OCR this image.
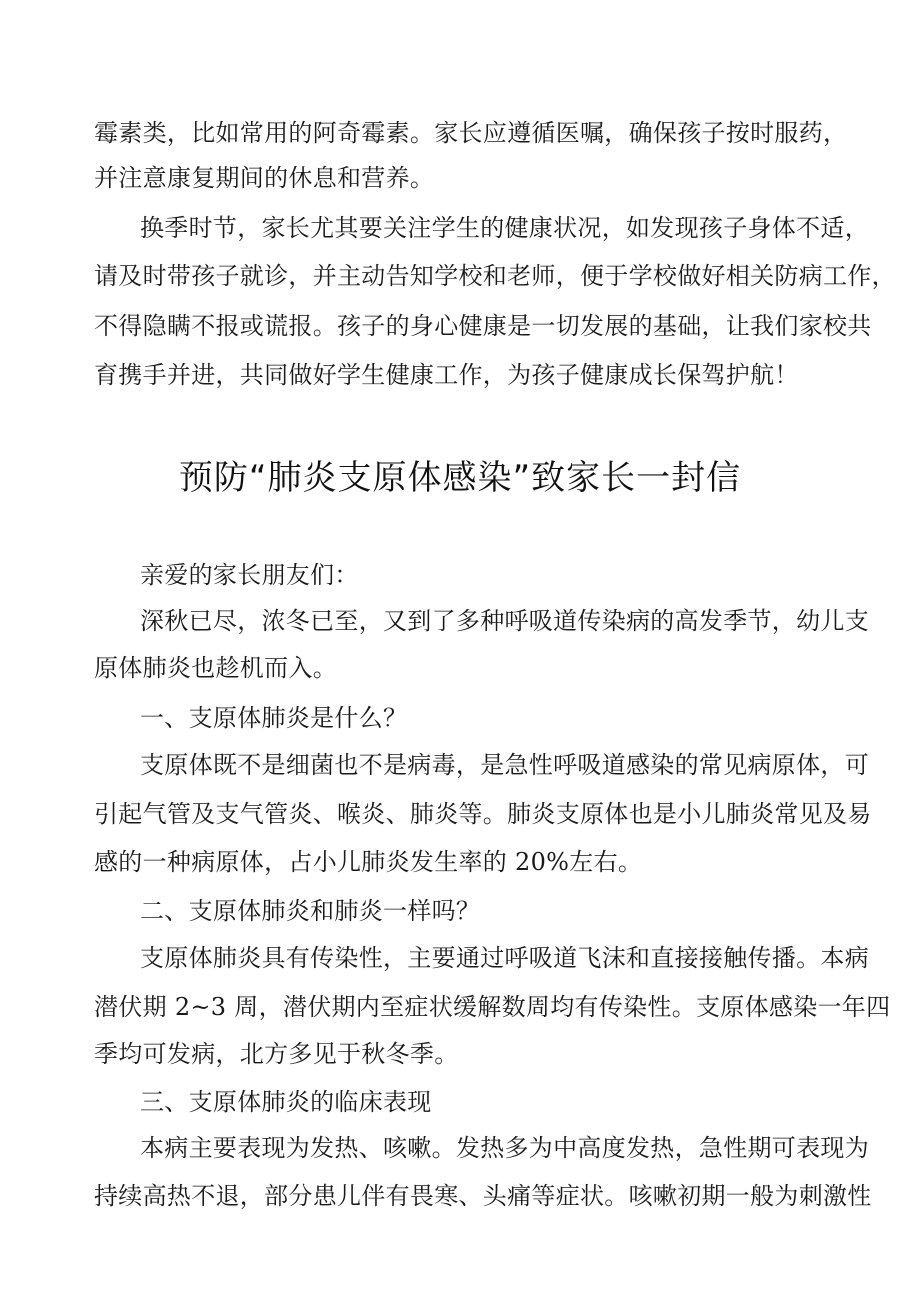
霉素类，比如常用的阿奇霉素。家长应遵循医嘱，确保孩子按时服药，
并注意康复期间的休息和营养。
换季时节，家长尤其要关注学生的健康状况，如发现孩子身体不适，
请及时带孩子就诊，并主动告知学校和老师，便于学校做好相关防病工作，
不得隐瞒不报或谎报。孩子的身心健康是一切发展的基础，让我们家校共
育携手并进，共同做好学生健康工作，为孩子健康成长保驾护航！
预防“肺炎支原体感染”致家长一封信
亲爱的家长朋友们：
深秋已尽，浓冬已至，又到了多种呼吸道传染病的高发季节，幼儿支
原体肺炎也趁机而入。
一、支原体肺炎是什么？
支原体既不是细菌也不是病毒，是急性呼吸道感染的常见病原体，可
引起气管及支气管炎、喉炎、肺炎等。肺炎支原体也是小儿肺炎常见及易
感的一种病原体，占小儿肺炎发生率的 20%左右。
二、支原体肺炎和肺炎一样吗？
支原体肺炎具有传染性，主要通过呼吸道飞沫和直接接触传播。本病
潜伏期 2~3 周，潜伏期内至症状缓解数周均有传染性。支原体感染一年四
季均可发病，北方多见于秋冬季。
三、支原体肺炎的临床表现
本病主要表现为发热、咳嗽。发热多为中高度发热，急性期可表现为
持续高热不退，部分患儿伴有畏寒、头痛等症状。咳嗽初期一般为刺激性
